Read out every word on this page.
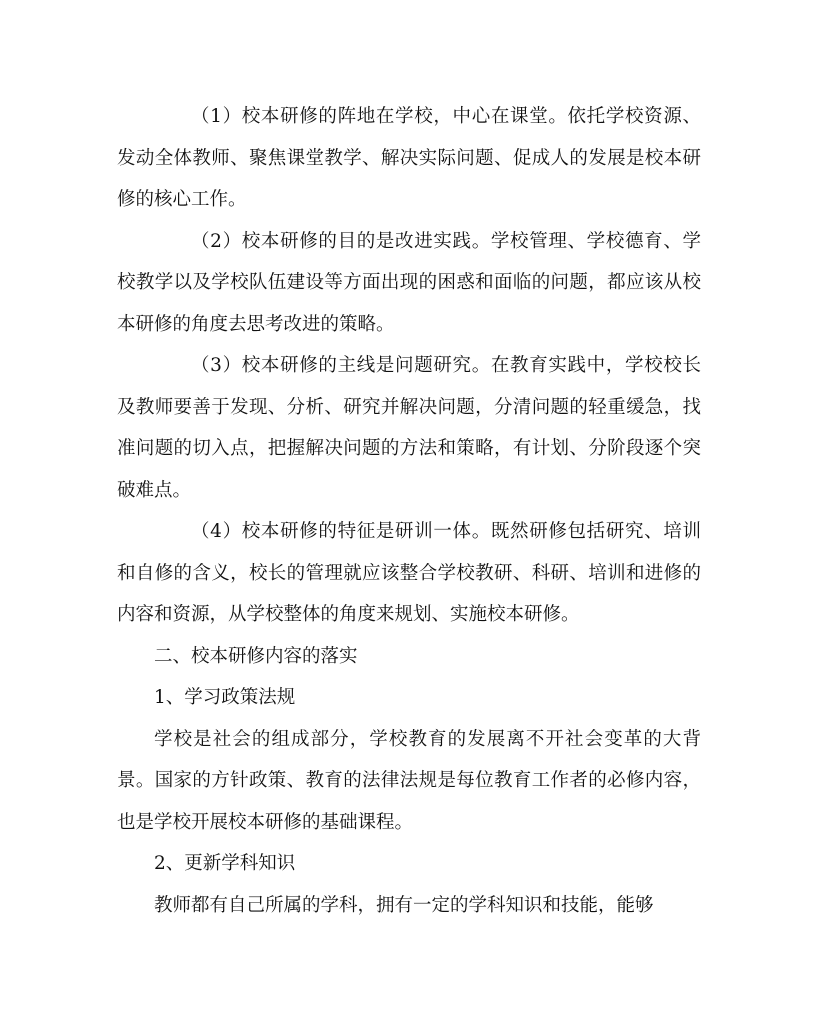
（1）校本研修的阵地在学校，中心在课堂。依托学校资源、发动全体教师、聚焦课堂教学、解决实际问题、促成人的发展是校本研修的核心工作。

（2）校本研修的目的是改进实践。学校管理、学校德育、学校教学以及学校队伍建设等方面出现的困惑和面临的问题，都应该从校本研修的角度去思考改进的策略。

（3）校本研修的主线是问题研究。在教育实践中，学校校长及教师要善于发现、分析、研究并解决问题，分清问题的轻重缓急，找准问题的切入点，把握解决问题的方法和策略，有计划、分阶段逐个突破难点。

（4）校本研修的特征是研训一体。既然研修包括研究、培训和自修的含义，校长的管理就应该整合学校教研、科研、培训和进修的内容和资源，从学校整体的角度来规划、实施校本研修。

二、校本研修内容的落实

1、学习政策法规

学校是社会的组成部分，学校教育的发展离不开社会变革的大背景。国家的方针政策、教育的法律法规是每位教育工作者的必修内容，也是学校开展校本研修的基础课程。

2、更新学科知识

教师都有自己所属的学科，拥有一定的学科知识和技能，能够
